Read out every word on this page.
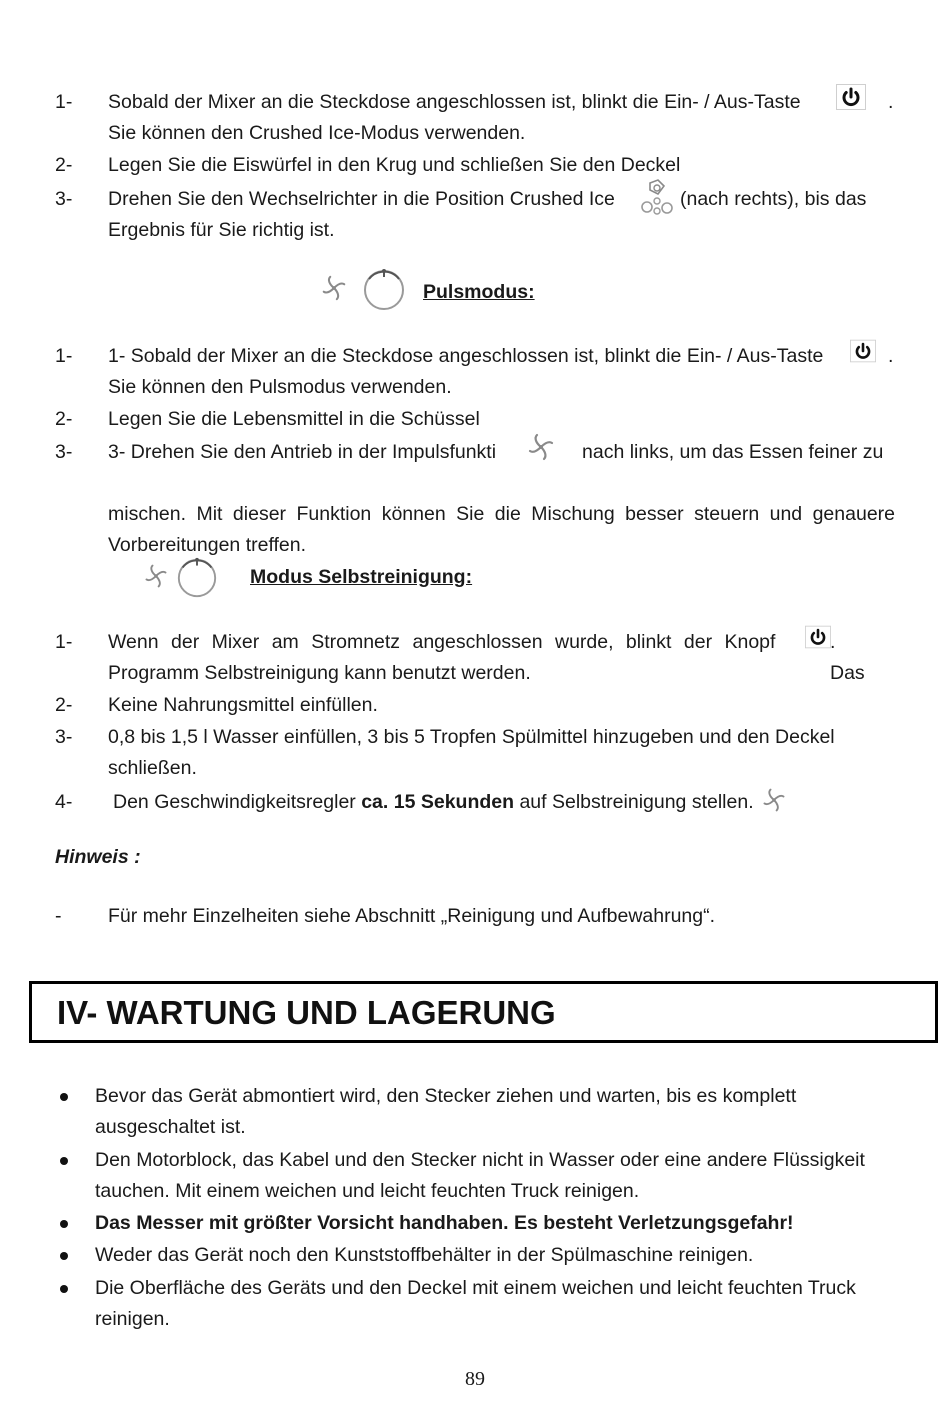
1- Sobald der Mixer an die Steckdose angeschlossen ist, blinkt die Ein- / Aus-Taste	.

Sie können den Crushed Ice-Modus verwenden.
2- Legen Sie die Eiswürfel in den Krug und schließen Sie den Deckel
3- Drehen Sie den Wechselrichter in die Position Crushed Ice	(nach rechts), bis das

Ergebnis für Sie richtig ist.
Pulsmodus:
1- 1- Sobald der Mixer an die Steckdose angeschlossen ist, blinkt die Ein- / Aus-Taste	.

Sie können den Pulsmodus verwenden.
2- Legen Sie die Lebensmittel in die Schüssel
3- 3- Drehen Sie den Antrieb in der Impulsfunkti	nach links, um das Essen feiner zu
mischen. Mit dieser Funktion können Sie die Mischung besser steuern und genauere Vorbereitungen treffen.
Modus Selbstreinigung:
1- Wenn der Mixer am Stromnetz angeschlossen wurde, blinkt der Knopf	. Das

Programm Selbstreinigung kann benutzt werden.
2- Keine Nahrungsmittel einfüllen.
3- 0,8 bis 1,5 l Wasser einfüllen, 3 bis 5 Tropfen Spülmittel hinzugeben und den Deckel schließen.
4- Den Geschwindigkeitsregler ca. 15 Sekunden auf Selbstreinigung stellen.
Hinweis :
- Für mehr Einzelheiten siehe Abschnitt „Reinigung und Aufbewahrung“.
IV- WARTUNG UND LAGERUNG
Bevor das Gerät abmontiert wird, den Stecker ziehen und warten, bis es komplett ausgeschaltet ist.
Den Motorblock, das Kabel und den Stecker nicht in Wasser oder eine andere Flüssigkeit tauchen. Mit einem weichen und leicht feuchten Truck reinigen.
Das Messer mit größter Vorsicht handhaben. Es besteht Verletzungsgefahr!
Weder das Gerät noch den Kunststoffbehälter in der Spülmaschine reinigen.
Die Oberfläche des Geräts und den Deckel mit einem weichen und leicht feuchten Truck reinigen.
89
